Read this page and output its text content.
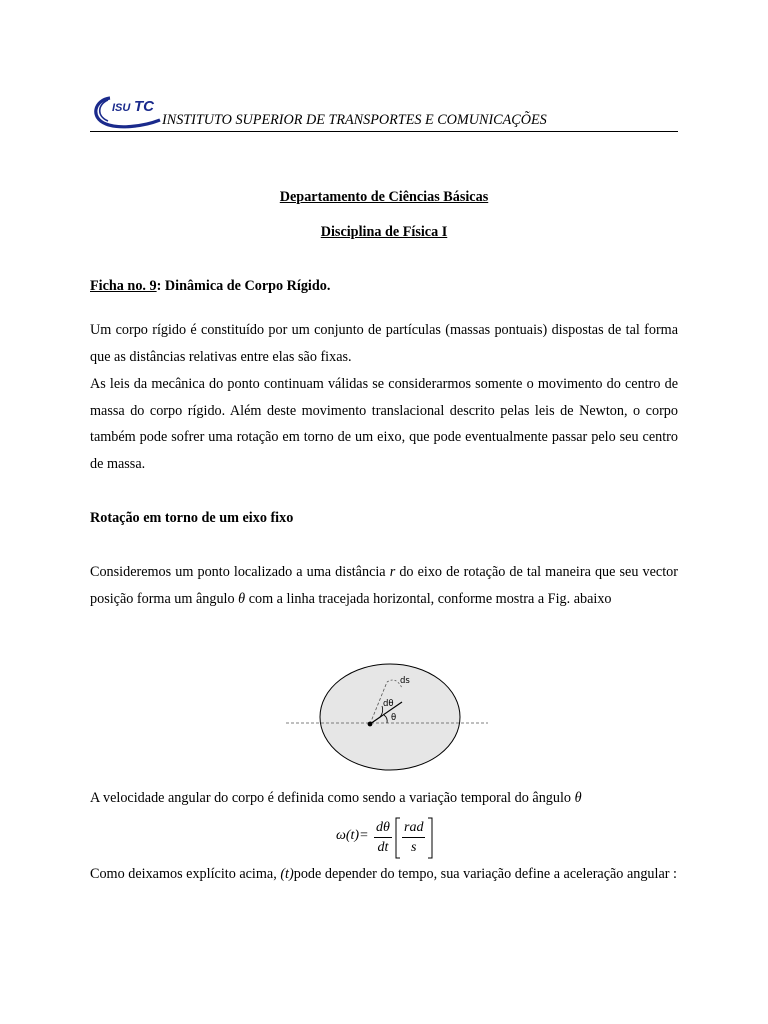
ISU TC
INSTITUTO SUPERIOR DE TRANSPORTES E COMUNICAÇÕES
Departamento de Ciências Básicas
Disciplina de Física I
Ficha no. 9: Dinâmica de Corpo Rígido.

Um corpo rígido é constituído por um conjunto de partículas (massas pontuais) dispostas de tal forma que as distâncias relativas entre elas são fixas.

As leis da mecânica do ponto continuam válidas se considerarmos somente o movimento do centro de massa do corpo rígido. Além deste movimento translacional descrito pelas leis de Newton, o corpo também pode sofrer uma rotação em torno de um eixo, que pode eventualmente passar pelo seu centro de massa.

Rotação em torno de um eixo fixo

Consideremos um ponto localizado a uma distância r do eixo de rotação de tal maneira que seu vector posição forma um ângulo θ com a linha tracejada horizontal, conforme mostra a Fig. abaixo

ds
dθ
θ
A velocidade angular do corpo é definida como sendo a variação temporal do ângulo θ
$\omega(t)= \frac{d\theta}{dt}$ rad
s

Como deixamos explícito acima, (t)pode depender do tempo, sua variação define a aceleração angular :
